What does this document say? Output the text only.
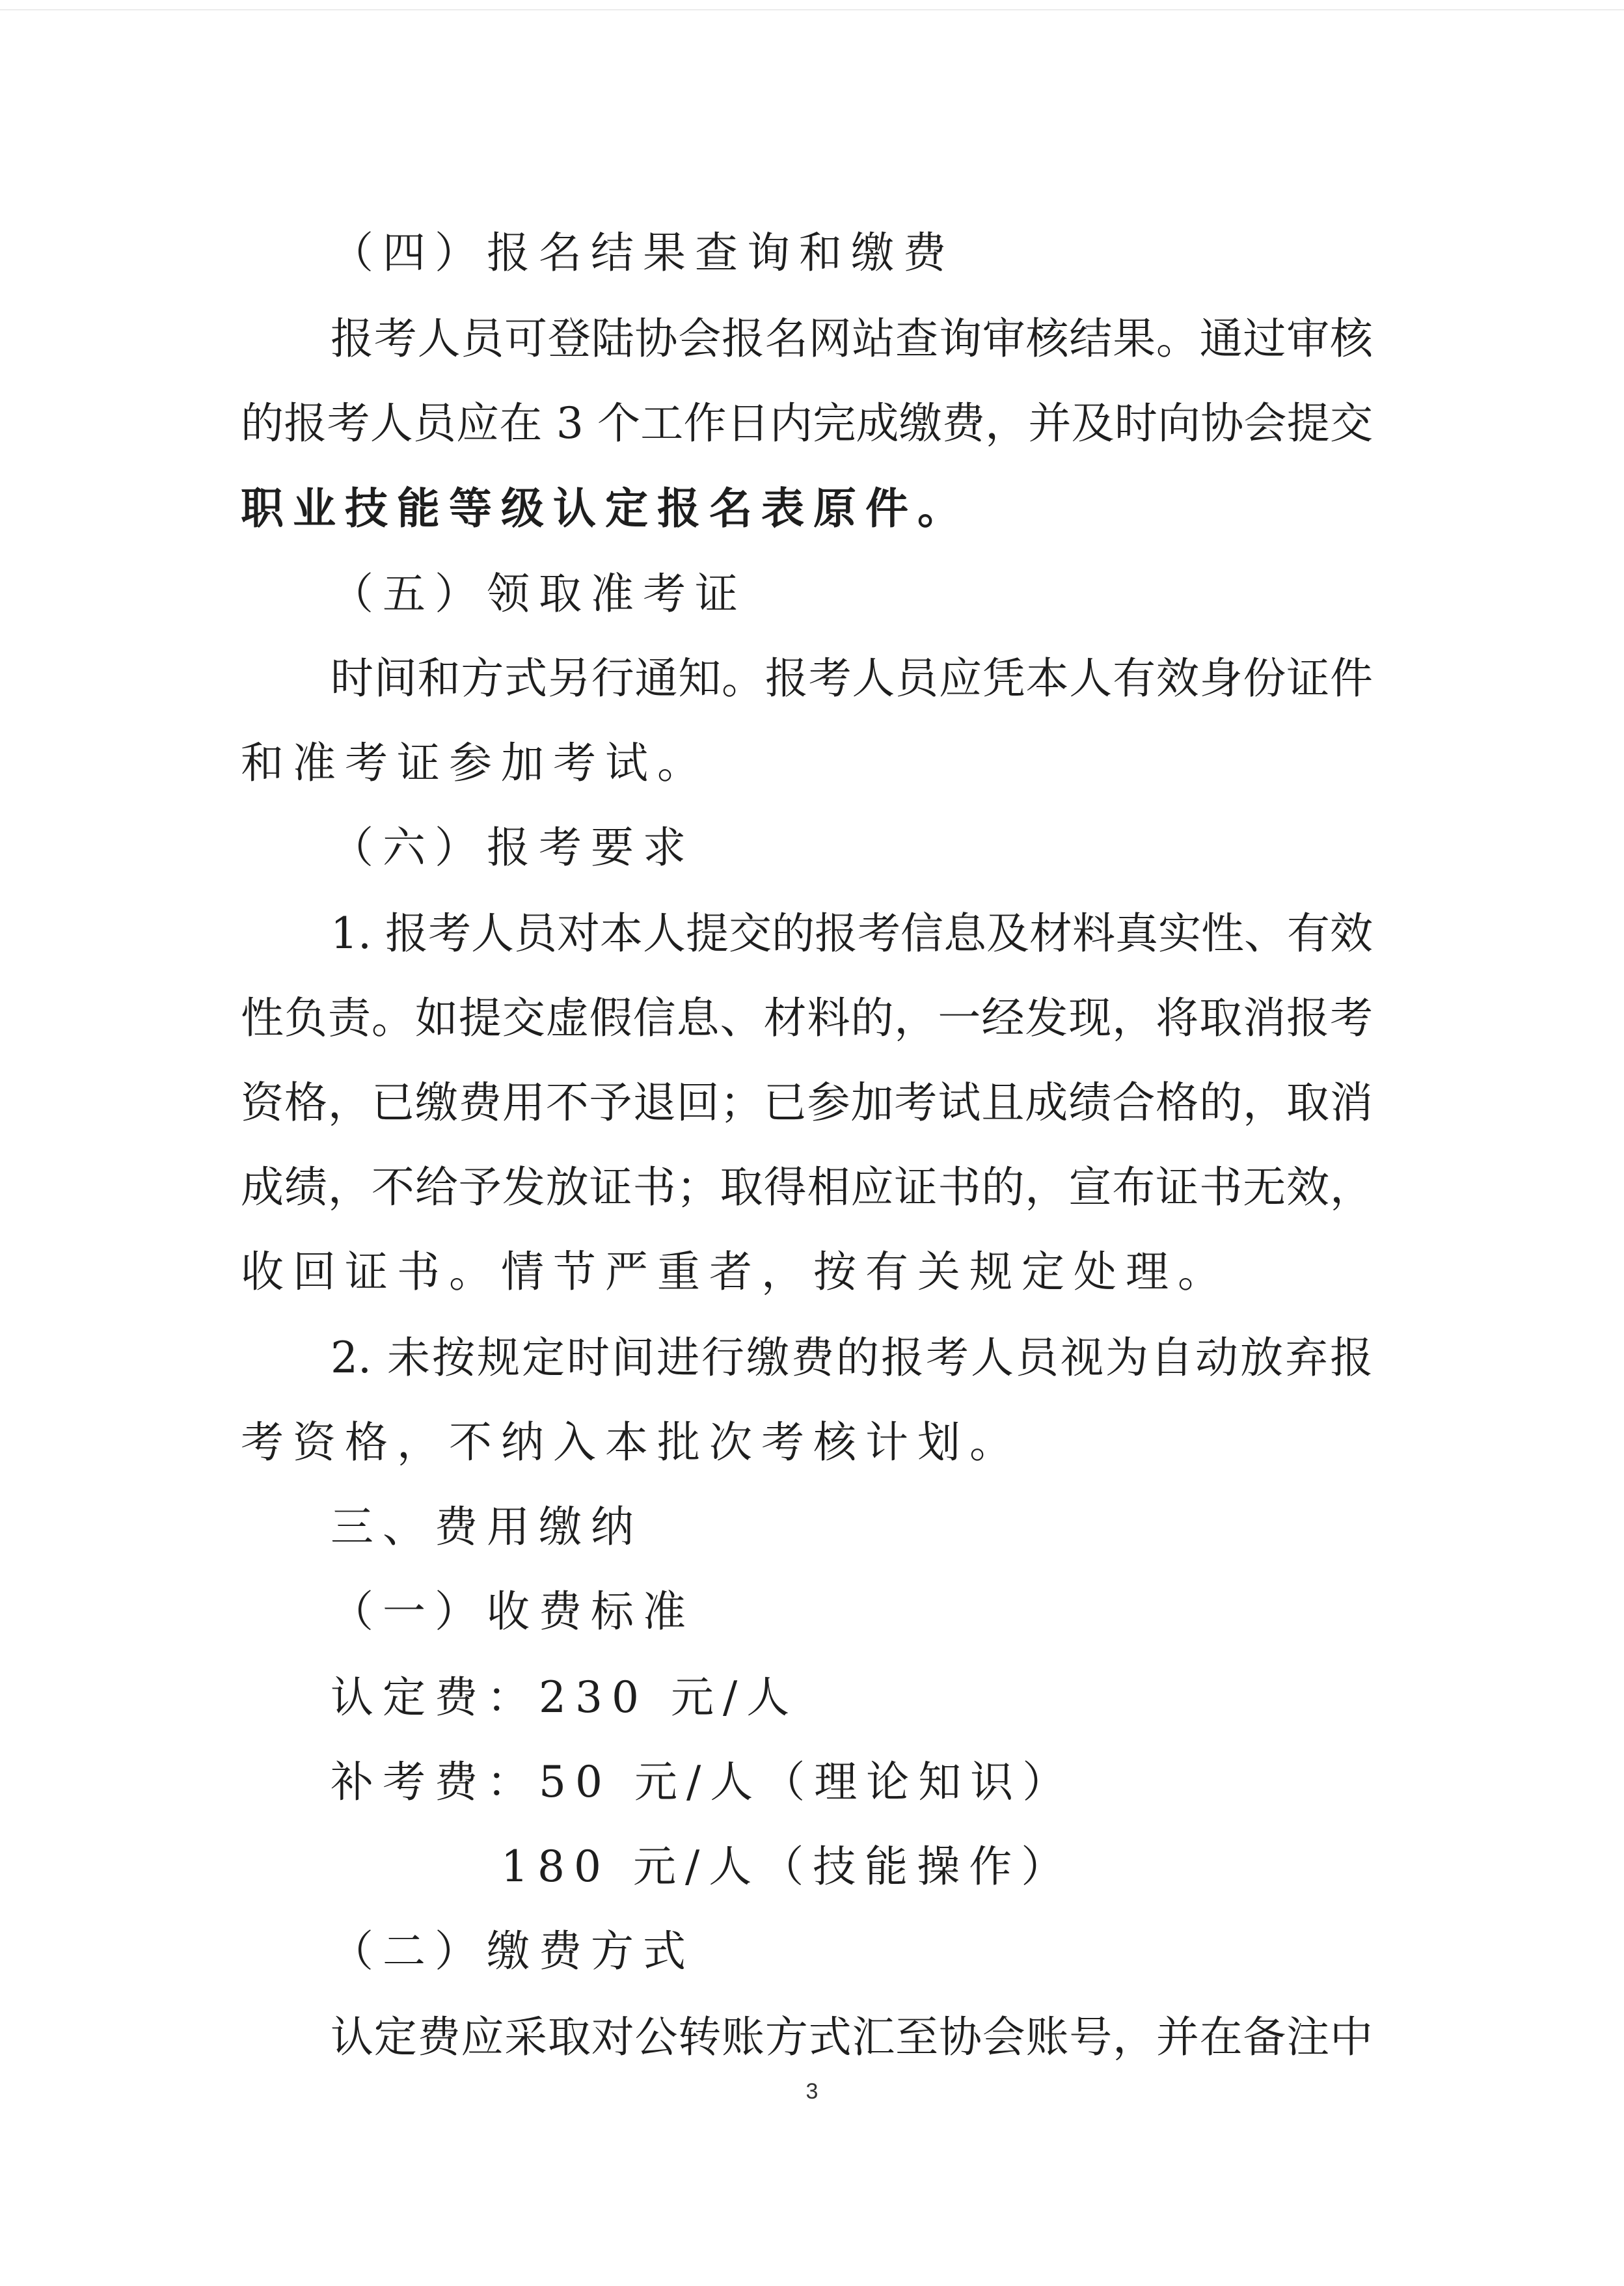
（四）报名结果查询和缴费
报考人员可登陆协会报名网站查询审核结果。通过审核
的报考人员应在 3 个工作日内完成缴费，并及时向协会提交
职业技能等级认定报名表原件。
（五）领取准考证
时间和方式另行通知。报考人员应凭本人有效身份证件
和准考证参加考试。
（六）报考要求
1. 报考人员对本人提交的报考信息及材料真实性、有效
性负责。如提交虚假信息、材料的，一经发现，将取消报考
资格，已缴费用不予退回；已参加考试且成绩合格的，取消
成绩，不给予发放证书；取得相应证书的，宣布证书无效，
收回证书。情节严重者，按有关规定处理。
2. 未按规定时间进行缴费的报考人员视为自动放弃报
考资格，不纳入本批次考核计划。
三、费用缴纳
（一）收费标准
认定费：230 元/人
补考费：50 元/人（理论知识）
180 元/人（技能操作）
（二）缴费方式
认定费应采取对公转账方式汇至协会账号，并在备注中
3
